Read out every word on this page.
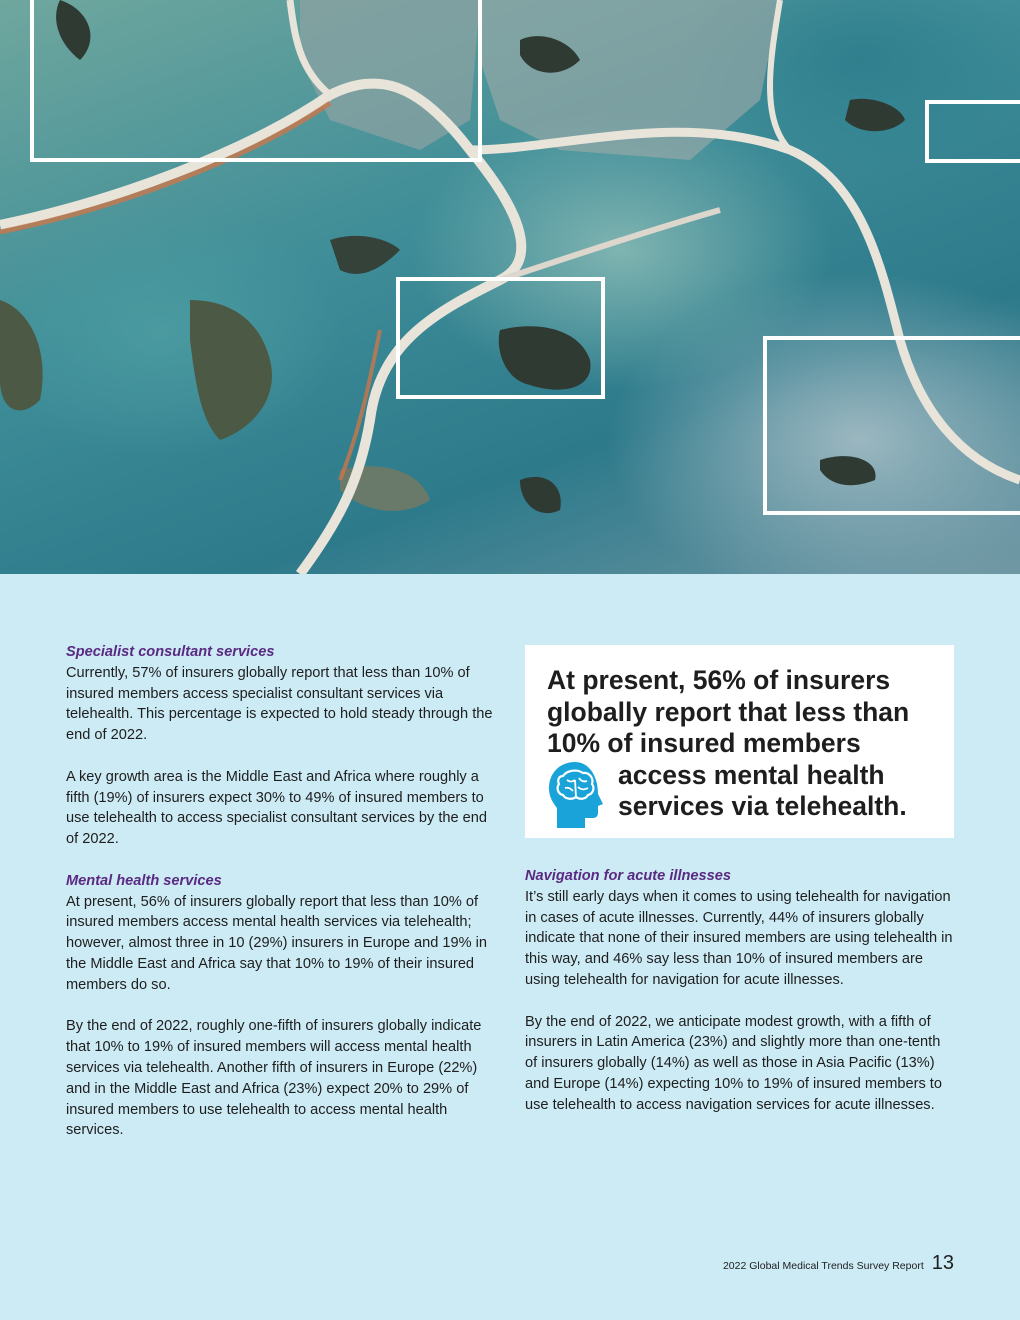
Specialist consultant services

Currently, 57% of insurers globally report that less than 10% of insured members access specialist consultant services via telehealth. This percentage is expected to hold steady through the end of 2022.

A key growth area is the Middle East and Africa where roughly a fifth (19%) of insurers expect 30% to 49% of insured members to use telehealth to access specialist consultant services by the end of 2022.

Mental health services

At present, 56% of insurers globally report that less than 10% of insured members access mental health services via telehealth; however, almost three in 10 (29%) insurers in Europe and 19% in the Middle East and Africa say that 10% to 19% of their insured members do so.

By the end of 2022, roughly one-fifth of insurers globally indicate that 10% to 19% of insured members will access mental health services via telehealth. Another fifth of insurers in Europe (22%) and in the Middle East and Africa (23%) expect 20% to 29% of insured members to use telehealth to access mental health services.

At present, 56% of insurers

globally report that less than

10% of insured members

access mental health

services via telehealth.

Navigation for acute illnesses

It’s still early days when it comes to using telehealth for navigation in cases of acute illnesses. Currently, 44% of insurers globally indicate that none of their insured members are using telehealth in this way, and 46% say less than 10% of insured members are using telehealth for navigation for acute illnesses.

By the end of 2022, we anticipate modest growth, with a fifth of insurers in Latin America (23%) and slightly more than one-tenth of insurers globally (14%) as well as those in Asia Pacific (13%) and Europe (14%) expecting 10% to 19% of insured members to use telehealth to access navigation services for acute illnesses.

2022 Global Medical Trends Survey Report 13
